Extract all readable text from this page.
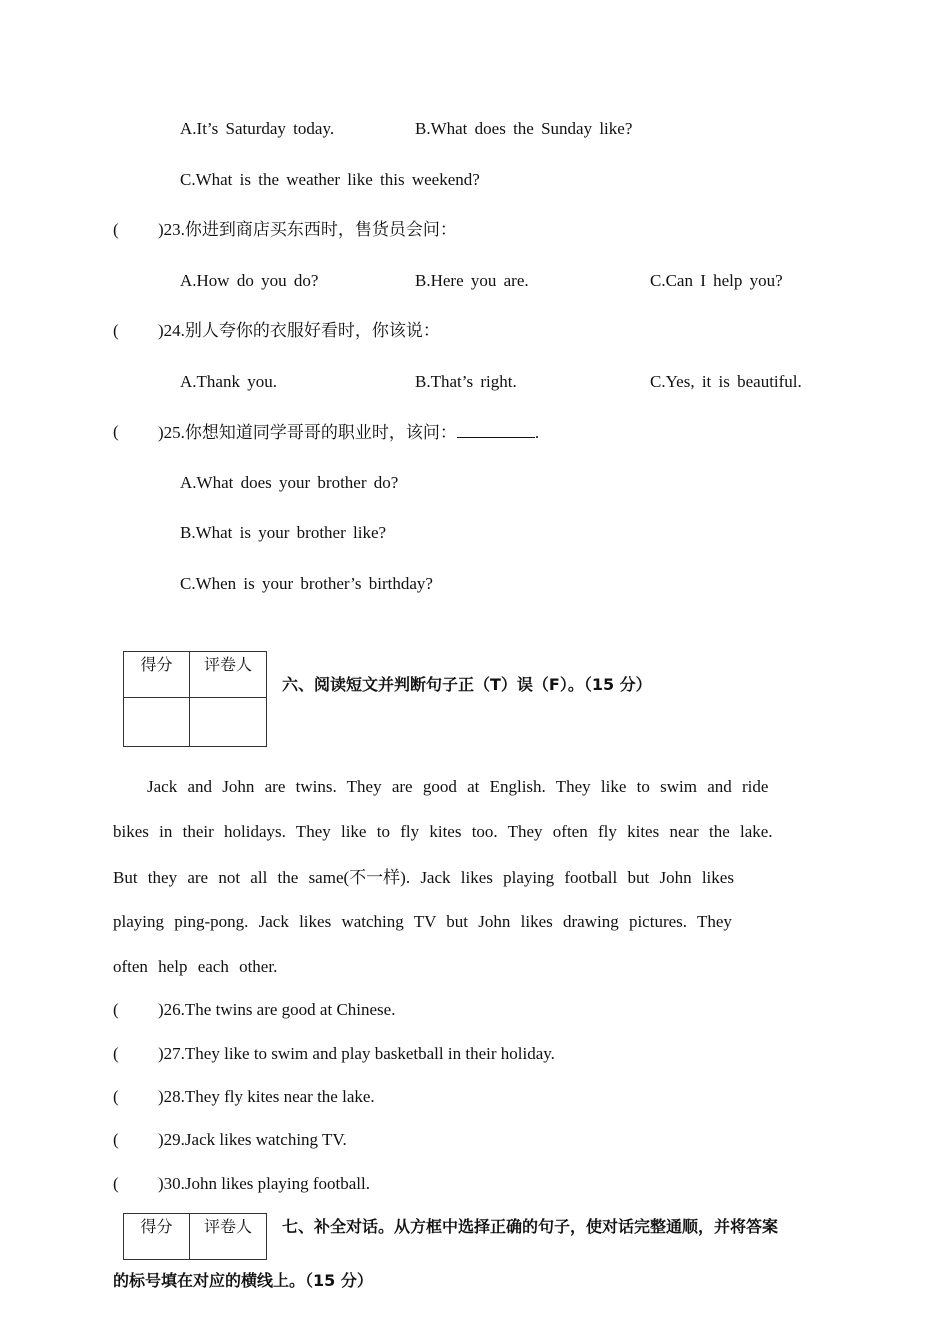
A.It’s Saturday today.	B.What does the Sunday like?
C.What is the weather like this weekend?
( )23.你进到商店买东西时，售货员会问：
A.How do you do?	B.Here you are.	C.Can I help you?
( )24.别人夸你的衣服好看时，你该说：
A.Thank you.	B.That’s right.	C.Yes, it is beautiful.
( )25.你想知道同学哥哥的职业时，该问：	.
A.What does your brother do?
B.What is your brother like?
C.When is your brother’s birthday?
得分	评卷人

六、阅读短文并判断句子正（T）误（F）。（15 分）
Jack and John are twins. They are good at English. They like to swim and ride
bikes in their holidays. They like to fly kites too. They often fly kites near the lake.
But they are not all the same(不一样). Jack likes playing football but John likes
playing ping-pong. Jack likes watching TV but John likes drawing pictures. They
often help each other.
( )26.The twins are good at Chinese.
( )27.They like to swim and play basketball in their holiday.
( )28.They fly kites near the lake.
( )29.Jack likes watching TV.
( )30.John likes playing football.
得分	评卷人 七、补全对话。从方框中选择正确的句子，使对话完整通顺，并将答案
的标号填在对应的横线上。（15 分）
